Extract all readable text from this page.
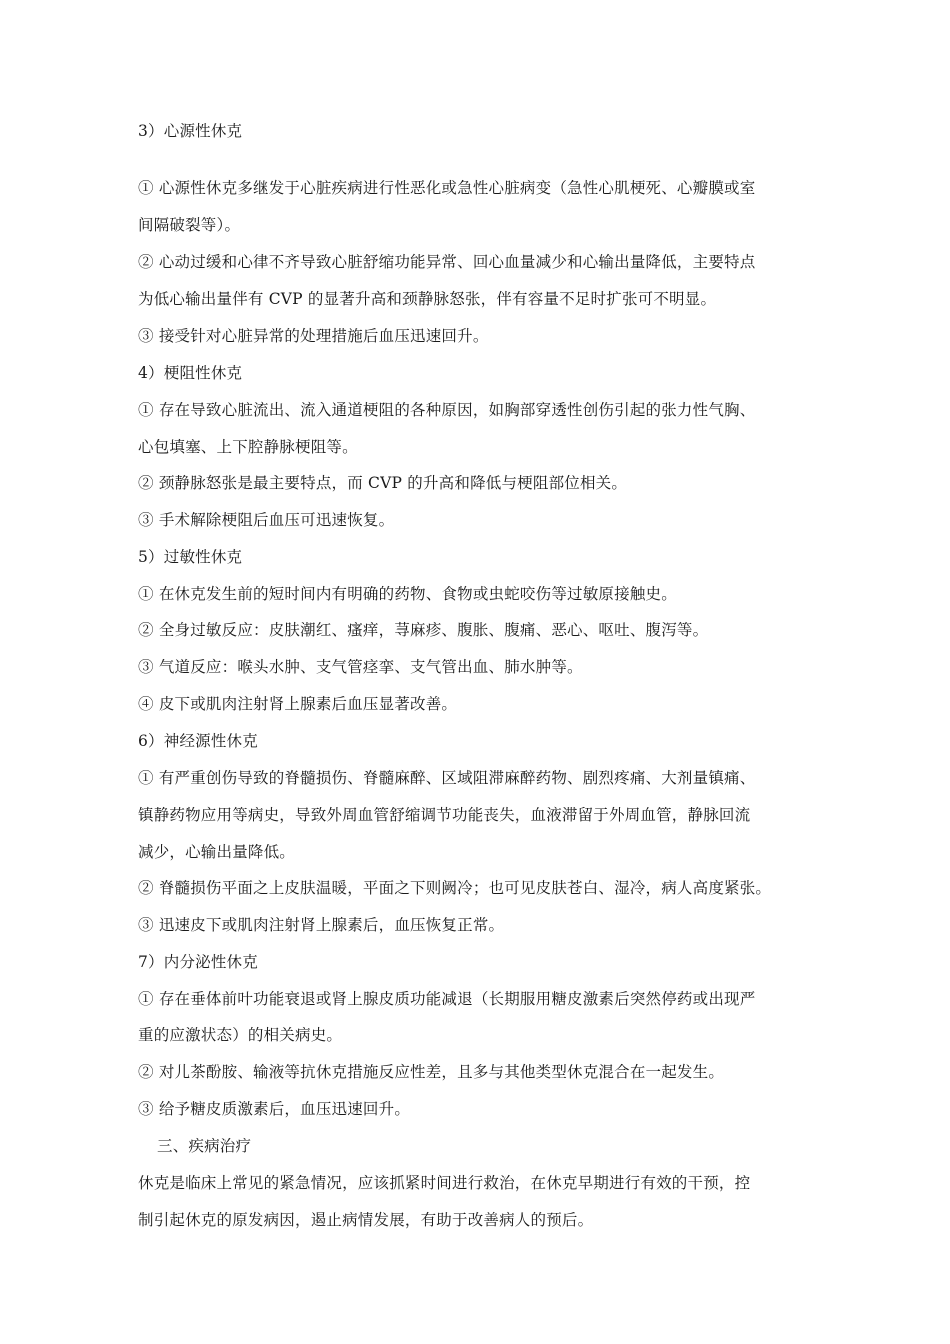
3）心源性休克
① 心源性休克多继发于心脏疾病进行性恶化或急性心脏病变（急性心肌梗死、心瓣膜或室
间隔破裂等）。
② 心动过缓和心律不齐导致心脏舒缩功能异常、回心血量减少和心输出量降低，主要特点
为低心输出量伴有 CVP 的显著升高和颈静脉怒张，伴有容量不足时扩张可不明显。
③ 接受针对心脏异常的处理措施后血压迅速回升。
4）梗阻性休克
① 存在导致心脏流出、流入通道梗阻的各种原因，如胸部穿透性创伤引起的张力性气胸、
心包填塞、上下腔静脉梗阻等。
② 颈静脉怒张是最主要特点，而 CVP 的升高和降低与梗阻部位相关。
③ 手术解除梗阻后血压可迅速恢复。
5）过敏性休克
① 在休克发生前的短时间内有明确的药物、食物或虫蛇咬伤等过敏原接触史。
② 全身过敏反应：皮肤潮红、瘙痒，荨麻疹、腹胀、腹痛、恶心、呕吐、腹泻等。
③ 气道反应：喉头水肿、支气管痉挛、支气管出血、肺水肿等。
④ 皮下或肌肉注射肾上腺素后血压显著改善。
6）神经源性休克
① 有严重创伤导致的脊髓损伤、脊髓麻醉、区域阻滞麻醉药物、剧烈疼痛、大剂量镇痛、
镇静药物应用等病史，导致外周血管舒缩调节功能丧失，血液滞留于外周血管，静脉回流
减少，心输出量降低。
② 脊髓损伤平面之上皮肤温暖，平面之下则阙冷；也可见皮肤苍白、湿冷，病人高度紧张。
③ 迅速皮下或肌肉注射肾上腺素后，血压恢复正常。
7）内分泌性休克
① 存在垂体前叶功能衰退或肾上腺皮质功能减退（长期服用糖皮激素后突然停药或出现严
重的应激状态）的相关病史。
② 对儿茶酚胺、输液等抗休克措施反应性差，且多与其他类型休克混合在一起发生。
③ 给予糖皮质激素后，血压迅速回升。
三、疾病治疗
休克是临床上常见的紧急情况，应该抓紧时间进行救治，在休克早期进行有效的干预，控
制引起休克的原发病因，遏止病情发展，有助于改善病人的预后。
